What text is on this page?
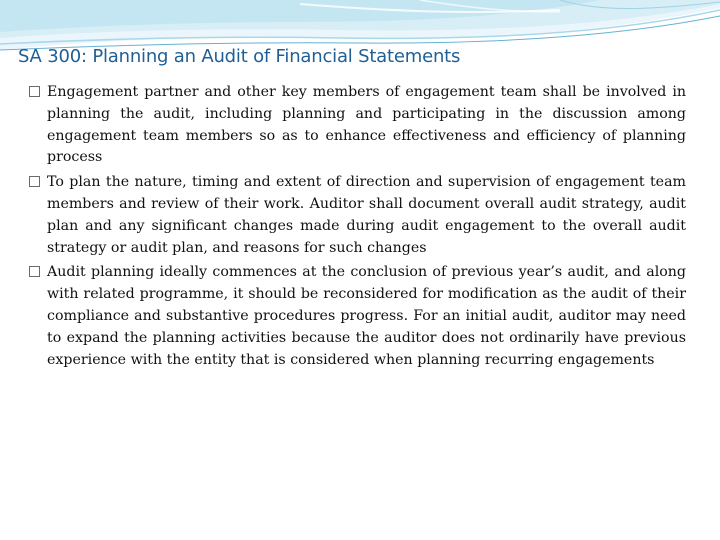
SA 300: Planning an Audit of Financial Statements
Engagement partner and other key members of engagement team shall be involved in planning the audit, including planning and participating in the discussion among engagement team members so as to enhance effectiveness and efficiency of planning process
To plan the nature, timing and extent of direction and supervision of engagement team members and review of their work. Auditor shall document overall audit strategy, audit plan and any significant changes made during audit engagement to the overall audit strategy or audit plan, and reasons for such changes
Audit planning ideally commences at the conclusion of previous year’s audit, and along with related programme, it should be reconsidered for modification as the audit of their compliance and substantive procedures progress. For an initial audit, auditor may need to expand the planning activities because the auditor does not ordinarily have previous experience with the entity that is considered when planning recurring engagements
